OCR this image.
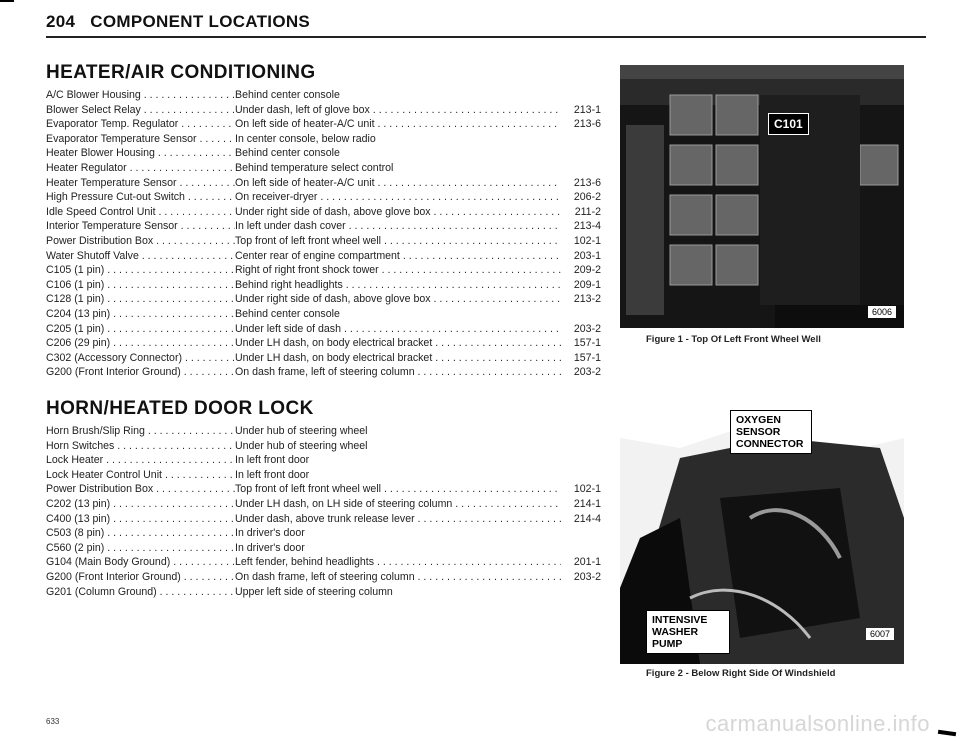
204 COMPONENT LOCATIONS
HEATER/AIR CONDITIONING
A/C Blower Housing . . .	Behind center console
Blower Select Relay . . .	Under dash, left of glove box . . .	213-1
Evaporator Temp. Regulator . . .	On left side of heater-A/C unit . . .	213-6
Evaporator Temperature Sensor . . .	In center console, below radio
Heater Blower Housing . . .	Behind center console
Heater Regulator . . .	Behind temperature select control
Heater Temperature Sensor . . .	On left side of heater-A/C unit . . .	213-6
High Pressure Cut-out Switch . . .	On receiver-dryer . . .	206-2
Idle Speed Control Unit . . .	Under right side of dash, above glove box . . .	211-2
Interior Temperature Sensor . . .	In left under dash cover . . .	213-4
Power Distribution Box . . .	Top front of left front wheel well . . .	102-1
Water Shutoff Valve . . .	Center rear of engine compartment . . .	203-1
C105 (1 pin) . . .	Right of right front shock tower . . .	209-2
C106 (1 pin) . . .	Behind right headlights . . .	209-1
C128 (1 pin) . . .	Under right side of dash, above glove box . . .	213-2
C204 (13 pin) . . .	Behind center console
C205 (1 pin) . . .	Under left side of dash . . .	203-2
C206 (29 pin) . . .	Under LH dash, on body electrical bracket . . .	157-1
C302 (Accessory Connector) . . .	Under LH dash, on body electrical bracket . . .	157-1
G200 (Front Interior Ground) . . .	On dash frame, left of steering column . . .	203-2
HORN/HEATED DOOR LOCK
Horn Brush/Slip Ring . . .	Under hub of steering wheel
Horn Switches . . .	Under hub of steering wheel
Lock Heater . . .	In left front door
Lock Heater Control Unit . . .	In left front door
Power Distribution Box . . .	Top front of left front wheel well . . .	102-1
C202 (13 pin) . . .	Under LH dash, on LH side of steering column . . .	214-1
C400 (13 pin) . . .	Under dash, above trunk release lever . . .	214-4
C503 (8 pin) . . .	In driver's door
C560 (2 pin) . . .	In driver's door
G104 (Main Body Ground) . . .	Left fender, behind headlights . . .	201-1
G200 (Front Interior Ground) . . .	On dash frame, left of steering column . . .	203-2
G201 (Column Ground) . . .	Upper left side of steering column
C101
6006
Figure 1 - Top Of Left Front Wheel Well
OXYGEN SENSOR CONNECTOR
INTENSIVE WASHER PUMP
6007
Figure 2 - Below Right Side Of Windshield
633	carmanualsonline.info
